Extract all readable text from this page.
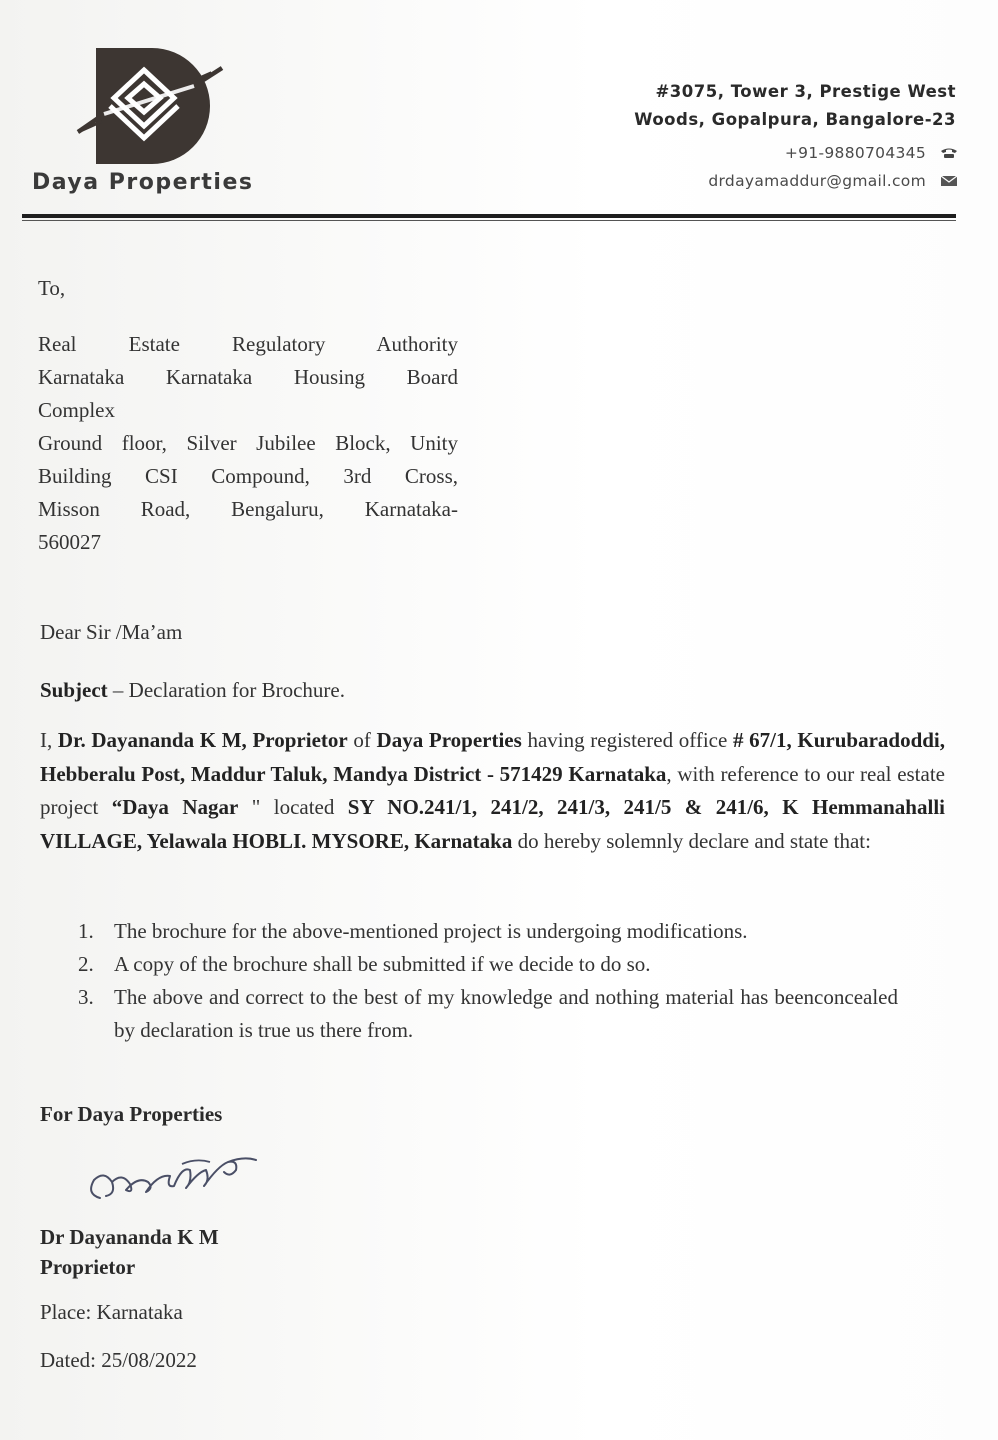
Daya Properties
#3075, Tower 3, Prestige West
Woods, Gopalpura, Bangalore-23
+91-9880704345
drdayamaddur@gmail.com
To,
Real Estate Regulatory Authority
Karnataka Karnataka Housing Board
Complex
Ground floor, Silver Jubilee Block, Unity
Building CSI Compound, 3rd Cross,
Misson Road, Bengaluru, Karnataka-
560027
Dear Sir /Ma’am
Subject – Declaration for Brochure.
I, Dr. Dayananda K M, Proprietor of Daya Properties having registered office # 67/1, Kurubaradoddi, Hebberalu Post, Maddur Taluk, Mandya District - 571429 Karnataka, with reference to our real estate project “Daya Nagar " located SY NO.241/1, 241/2, 241/3, 241/5 & 241/6, K Hemmanahalli VILLAGE, Yelawala HOBLI. MYSORE, Karnataka do hereby solemnly declare and state that:
1. The brochure for the above-mentioned project is undergoing modifications.
2. A copy of the brochure shall be submitted if we decide to do so.
3. The above and correct to the best of my knowledge and nothing material has beenconcealed by declaration is true us there from.
For Daya Properties
Dr Dayananda K M
Proprietor
Place: Karnataka
Dated: 25/08/2022
